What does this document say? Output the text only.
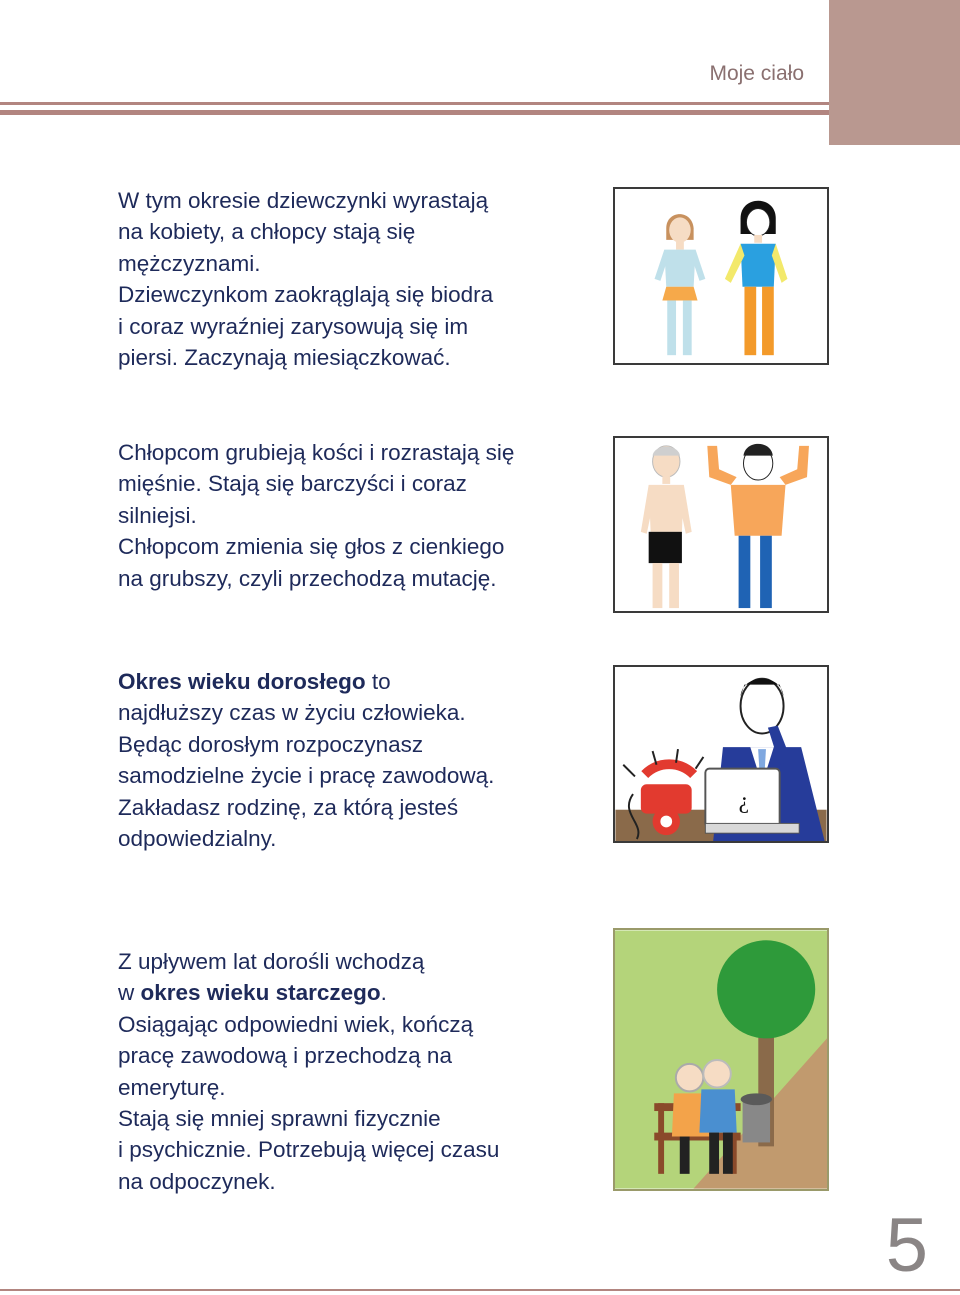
Moje ciało

W tym okresie dziewczynki wyrastają

na kobiety, a chłopcy stają się

mężczyznami.

Dziewczynkom zaokrąglają się biodra

i coraz wyraźniej zarysowują się im

piersi. Zaczynają miesiączkować.

Chłopcom grubieją kości i rozrastają się

mięśnie. Stają się barczyści i coraz

silniejsi.

Chłopcom zmienia się głos z cienkiego

na grubszy, czyli przechodzą mutację.

Okres wieku dorosłego to

najdłuższy czas w życiu człowieka.

Będąc dorosłym rozpoczynasz

samodzielne życie i pracę zawodową.

Zakładasz rodzinę, za którą jesteś

odpowiedzialny.

¿

Z upływem lat dorośli wchodzą

w okres wieku starczego.

Osiągając odpowiedni wiek, kończą

pracę zawodową i przechodzą na

emeryturę.

Stają się mniej sprawni fizycznie

i psychicznie. Potrzebują więcej czasu

na odpoczynek.

5
